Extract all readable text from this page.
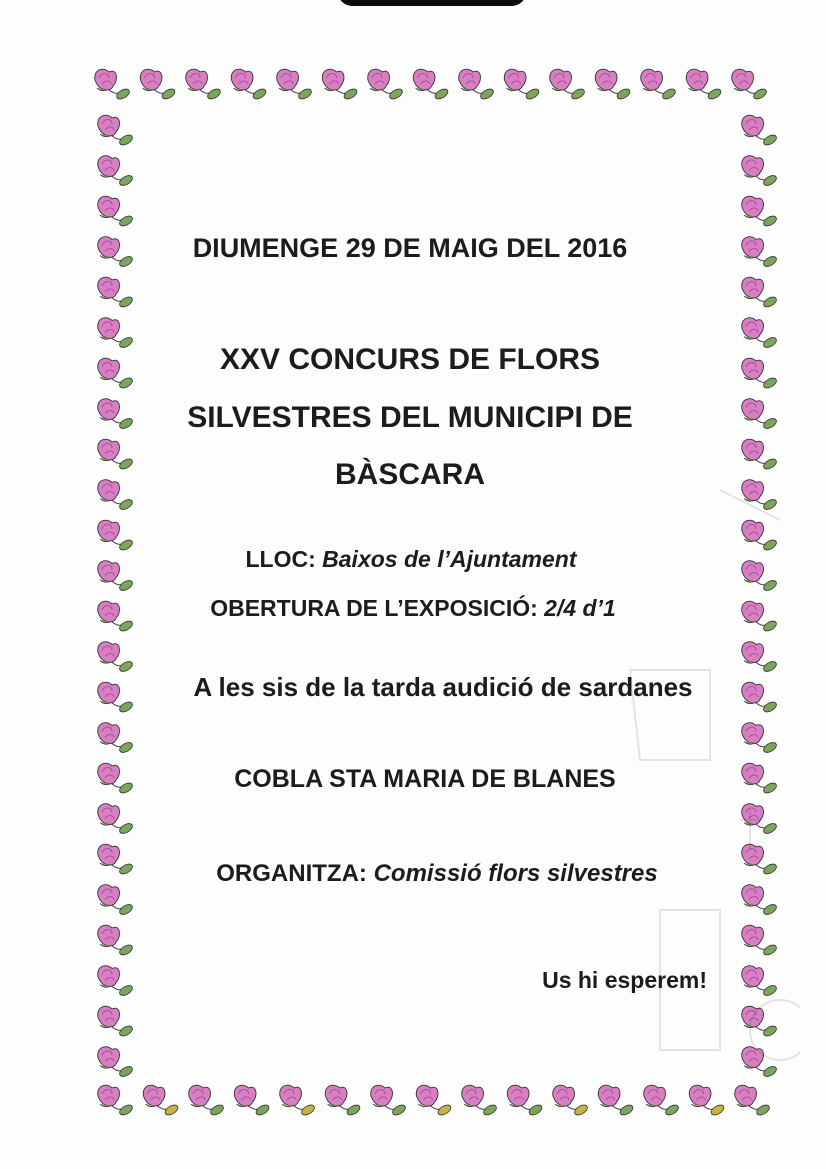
DIUMENGE 29 DE MAIG DEL 2016
XXV CONCURS DE FLORS
SILVESTRES DEL MUNICIPI DE
BÀSCARA
LLOC: Baixos de l’Ajuntament
OBERTURA DE L’EXPOSICIÓ: 2/4 d’1
A les sis de la tarda audició de sardanes
COBLA STA MARIA DE BLANES
ORGANITZA: Comissió flors silvestres
Us hi esperem!
